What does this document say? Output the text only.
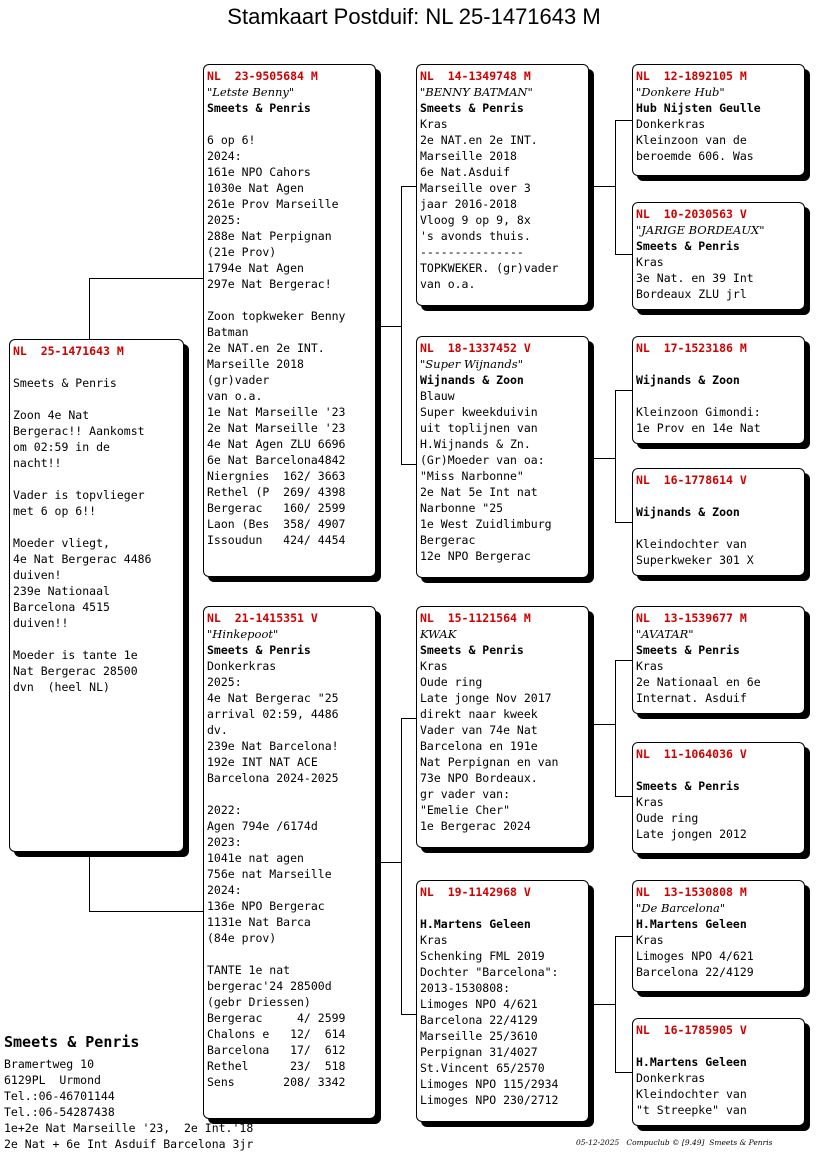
Stamkaart Postduif: NL 25-1471643 M
NL  25-1471643 M
Smeets & Penris
Zoon 4e Nat
Bergerac!! Aankomst
om 02:59 in de
nacht!!
Vader is topvlieger
met 6 op 6!!
Moeder vliegt,
4e Nat Bergerac 4486
duiven!
239e Nationaal
Barcelona 4515
duiven!!
Moeder is tante 1e
Nat Bergerac 28500
dvn  (heel NL)
NL  23-9505684 M
"Letste Benny"
Smeets & Penris
6 op 6!
2024:
161e NPO Cahors
1030e Nat Agen
261e Prov Marseille
2025:
288e Nat Perpignan
(21e Prov)
1794e Nat Agen
297e Nat Bergerac!
Zoon topkweker Benny
Batman
2e NAT.en 2e INT.
Marseille 2018
(gr)vader
van o.a.
1e Nat Marseille '23
2e Nat Marseille '23
4e Nat Agen ZLU 6696
6e Nat Barcelona4842
Niergnies  162/ 3663
Rethel (P  269/ 4398
Bergerac   160/ 2599
Laon (Bes  358/ 4907
Issoudun   424/ 4454
NL  21-1415351 V
"Hinkepoot"
Smeets & Penris
Donkerkras
2025:
4e Nat Bergerac "25
arrival 02:59, 4486
dv.
239e Nat Barcelona!
192e INT NAT ACE
Barcelona 2024-2025
2022:
Agen 794e /6174d
2023:
1041e nat agen
756e nat Marseille
2024:
136e NPO Bergerac
1131e Nat Barca
(84e prov)
TANTE 1e nat
bergerac'24 28500d
(gebr Driessen)
Bergerac     4/ 2599
Chalons e   12/  614
Barcelona   17/  612
Rethel      23/  518
Sens       208/ 3342
NL  14-1349748 M
"BENNY BATMAN"
Smeets & Penris
Kras
2e NAT.en 2e INT.
Marseille 2018
6e Nat.Asduif
Marseille over 3
jaar 2016-2018
Vloog 9 op 9, 8x
's avonds thuis.
---------------
TOPKWEKER. (gr)vader
van o.a.
NL  18-1337452 V
"Super Wijnands"
Wijnands & Zoon
Blauw
Super kweekduivin
uit toplijnen van
H.Wijnands & Zn.
(Gr)Moeder van oa:
"Miss Narbonne"
2e Nat 5e Int nat
Narbonne "25
1e West Zuidlimburg
Bergerac
12e NPO Bergerac
NL  15-1121564 M
KWAK
Smeets & Penris
Kras
Oude ring
Late jonge Nov 2017
direkt naar kweek
Vader van 74e Nat
Barcelona en 191e
Nat Perpignan en van
73e NPO Bordeaux.
gr vader van:
"Emelie Cher"
1e Bergerac 2024
NL  19-1142968 V
H.Martens Geleen
Kras
Schenking FML 2019
Dochter "Barcelona":
2013-1530808:
Limoges NPO 4/621
Barcelona 22/4129
Marseille 25/3610
Perpignan 31/4027
St.Vincent 65/2570
Limoges NPO 115/2934
Limoges NPO 230/2712
NL  12-1892105 M
"Donkere Hub"
Hub Nijsten Geulle
Donkerkras
Kleinzoon van de
beroemde 606. Was
NL  10-2030563 V
"JARIGE BORDEAUX"
Smeets & Penris
Kras
3e Nat. en 39 Int
Bordeaux ZLU jrl
NL  17-1523186 M
Wijnands & Zoon
Kleinzoon Gimondi:
1e Prov en 14e Nat
NL  16-1778614 V
Wijnands & Zoon
Kleindochter van
Superkweker 301 X
NL  13-1539677 M
"AVATAR"
Smeets & Penris
Kras
2e Nationaal en 6e
Internat. Asduif
NL  11-1064036 V
Smeets & Penris
Kras
Oude ring
Late jongen 2012
NL  13-1530808 M
"De Barcelona"
H.Martens Geleen
Kras
Limoges NPO 4/621
Barcelona 22/4129
NL  16-1785905 V
H.Martens Geleen
Donkerkras
Kleindochter van
"t Streepke" van
Smeets & Penris
Bramertweg 10
6129PL  Urmond
Tel.:06-46701144
Tel.:06-54287438
1e+2e Nat Marseille '23,  2e Int.'18
2e Nat + 6e Int Asduif Barcelona 3jr	05-12-2025   Compuclub © [9.49]  Smeets & Penris
